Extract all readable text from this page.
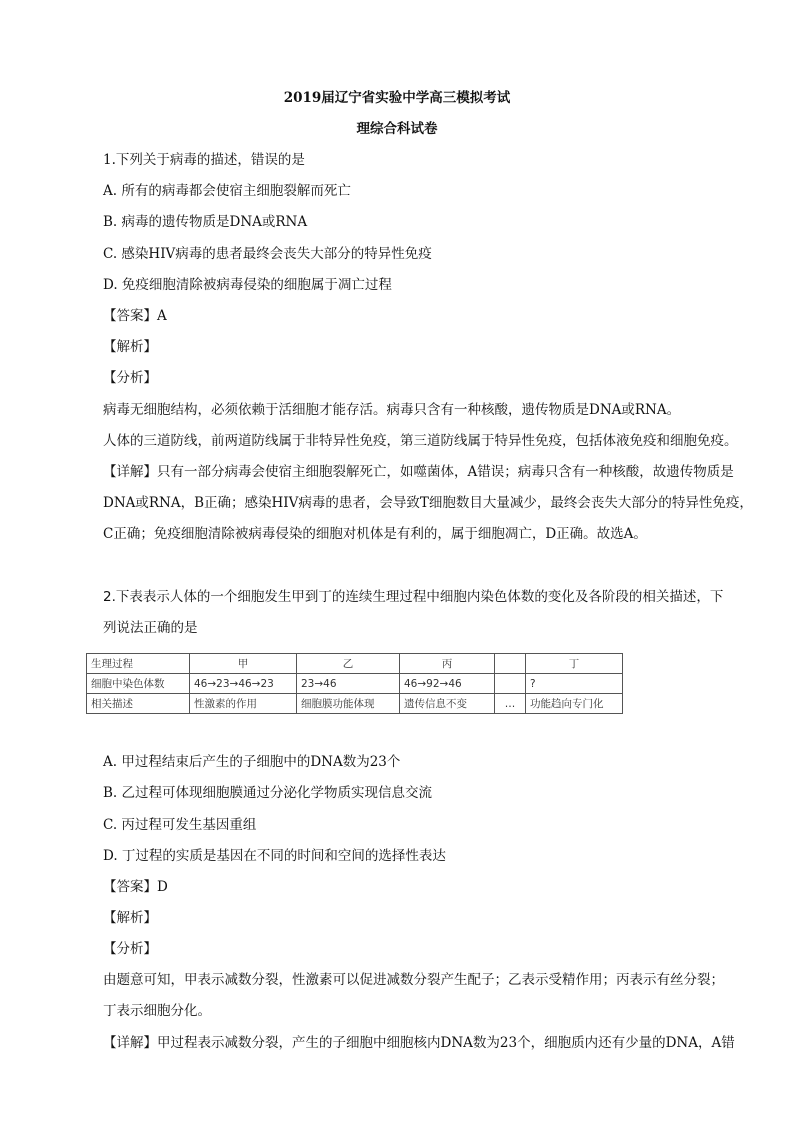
2019届辽宁省实验中学高三模拟考试
理综合科试卷
1.下列关于病毒的描述，错误的是
A. 所有的病毒都会使宿主细胞裂解而死亡
B. 病毒的遗传物质是DNA或RNA
C. 感染HIV病毒的患者最终会丧失大部分的特异性免疫
D. 免疫细胞清除被病毒侵染的细胞属于凋亡过程
【答案】A
【解析】
【分析】
病毒无细胞结构，必须依赖于活细胞才能存活。病毒只含有一种核酸，遗传物质是DNA或RNA。
人体的三道防线，前两道防线属于非特异性免疫，第三道防线属于特异性免疫，包括体液免疫和细胞免疫。
【详解】只有一部分病毒会使宿主细胞裂解死亡，如噬菌体，A错误；病毒只含有一种核酸，故遗传物质是
DNA或RNA，B正确；感染HIV病毒的患者，会导致T细胞数目大量减少，最终会丧失大部分的特异性免疫，
C正确；免疫细胞清除被病毒侵染的细胞对机体是有利的，属于细胞凋亡，D正确。故选A。
2.下表表示人体的一个细胞发生甲到丁的连续生理过程中细胞内染色体数的变化及各阶段的相关描述，下
列说法正确的是
生理过程	甲	乙	丙		丁
细胞中染色体数	46→23→46→23	23→46	46→92→46		?
相关描述	性激素的作用	细胞膜功能体现	遗传信息不变	…	功能趋向专门化
A. 甲过程结束后产生的子细胞中的DNA数为23个
B. 乙过程可体现细胞膜通过分泌化学物质实现信息交流
C. 丙过程可发生基因重组
D. 丁过程的实质是基因在不同的时间和空间的选择性表达
【答案】D
【解析】
【分析】
由题意可知，甲表示减数分裂，性激素可以促进减数分裂产生配子；乙表示受精作用；丙表示有丝分裂；
丁表示细胞分化。
【详解】甲过程表示减数分裂，产生的子细胞中细胞核内DNA数为23个，细胞质内还有少量的DNA，A错
